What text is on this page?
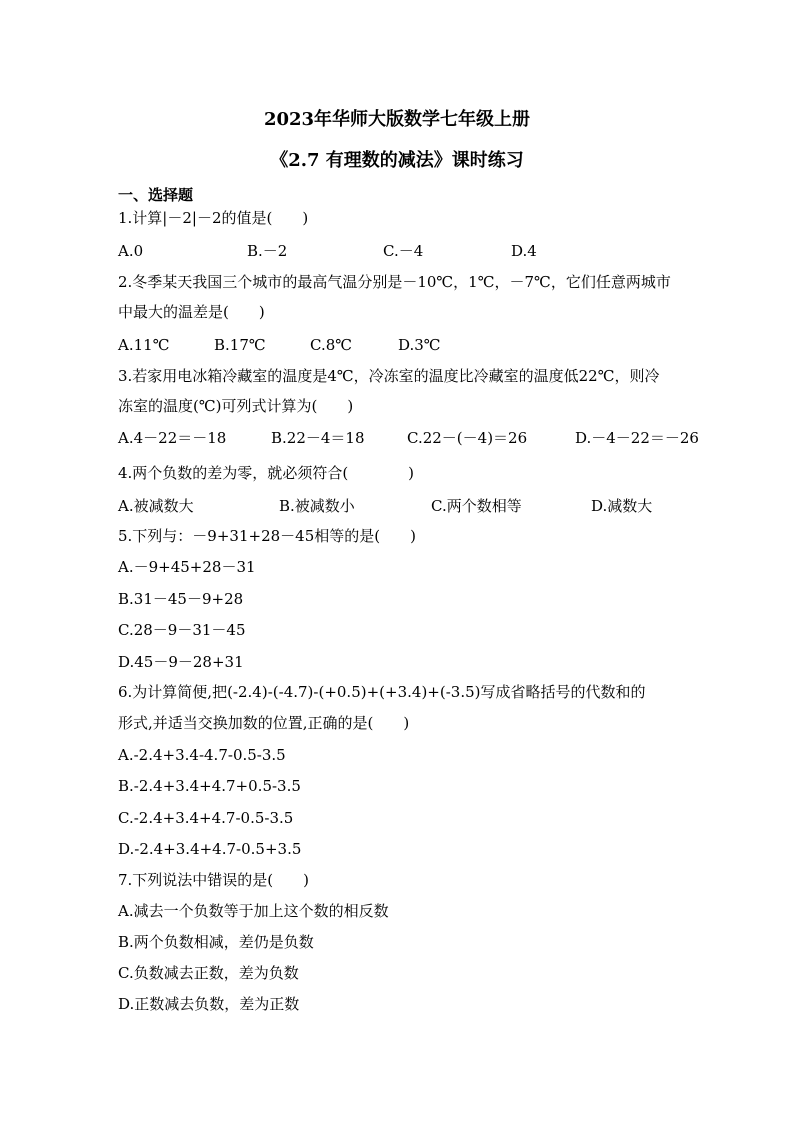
2023年华师大版数学七年级上册
《2.7 有理数的减法》课时练习
一、选择题
1.计算|－2|－2的值是(　　)
A.0	B.－2	C.－4	D.4
2.冬季某天我国三个城市的最高气温分别是－10℃，1℃，－7℃，它们任意两城市
中最大的温差是(　　)
A.11℃	B.17℃	C.8℃	D.3℃
3.若家用电冰箱冷藏室的温度是4℃，冷冻室的温度比冷藏室的温度低22℃，则冷
冻室的温度(℃)可列式计算为(　　)
A.4－22＝－18	B.22－4＝18	C.22－(－4)＝26	D.－4－22＝－26
4.两个负数的差为零，就必须符合(　　　　)
A.被减数大	B.被减数小	C.两个数相等	D.减数大
5.下列与：－9+31+28－45相等的是(　　)
A.－9+45+28－31
B.31－45－9+28
C.28－9－31－45
D.45－9－28+31
6.为计算简便,把(-2.4)-(-4.7)-(+0.5)+(+3.4)+(-3.5)写成省略括号的代数和的
形式,并适当交换加数的位置,正确的是(　　)
A.-2.4+3.4-4.7-0.5-3.5
B.-2.4+3.4+4.7+0.5-3.5
C.-2.4+3.4+4.7-0.5-3.5
D.-2.4+3.4+4.7-0.5+3.5
7.下列说法中错误的是(　　)
A.减去一个负数等于加上这个数的相反数
B.两个负数相减，差仍是负数
C.负数减去正数，差为负数
D.正数减去负数，差为正数
